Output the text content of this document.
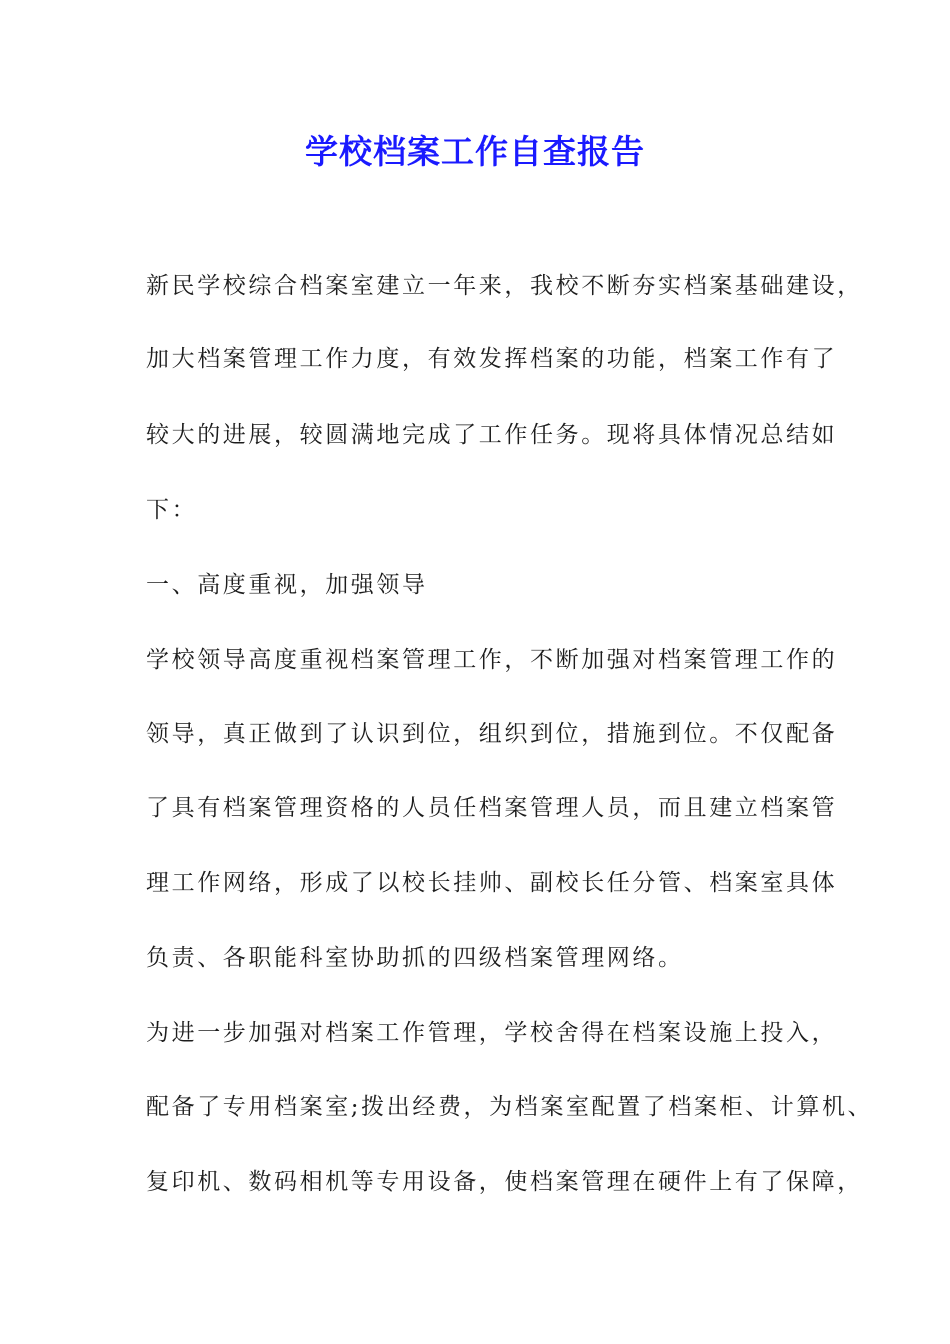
学校档案工作自查报告
新民学校综合档案室建立一年来，我校不断夯实档案基础建设，
加大档案管理工作力度，有效发挥档案的功能，档案工作有了
较大的进展，较圆满地完成了工作任务。现将具体情况总结如
下：
一、高度重视，加强领导
学校领导高度重视档案管理工作，不断加强对档案管理工作的
领导，真正做到了认识到位，组织到位，措施到位。不仅配备
了具有档案管理资格的人员任档案管理人员，而且建立档案管
理工作网络，形成了以校长挂帅、副校长任分管、档案室具体
负责、各职能科室协助抓的四级档案管理网络。
为进一步加强对档案工作管理，学校舍得在档案设施上投入，
配备了专用档案室;拨出经费，为档案室配置了档案柜、计算机、
复印机、数码相机等专用设备，使档案管理在硬件上有了保障，
